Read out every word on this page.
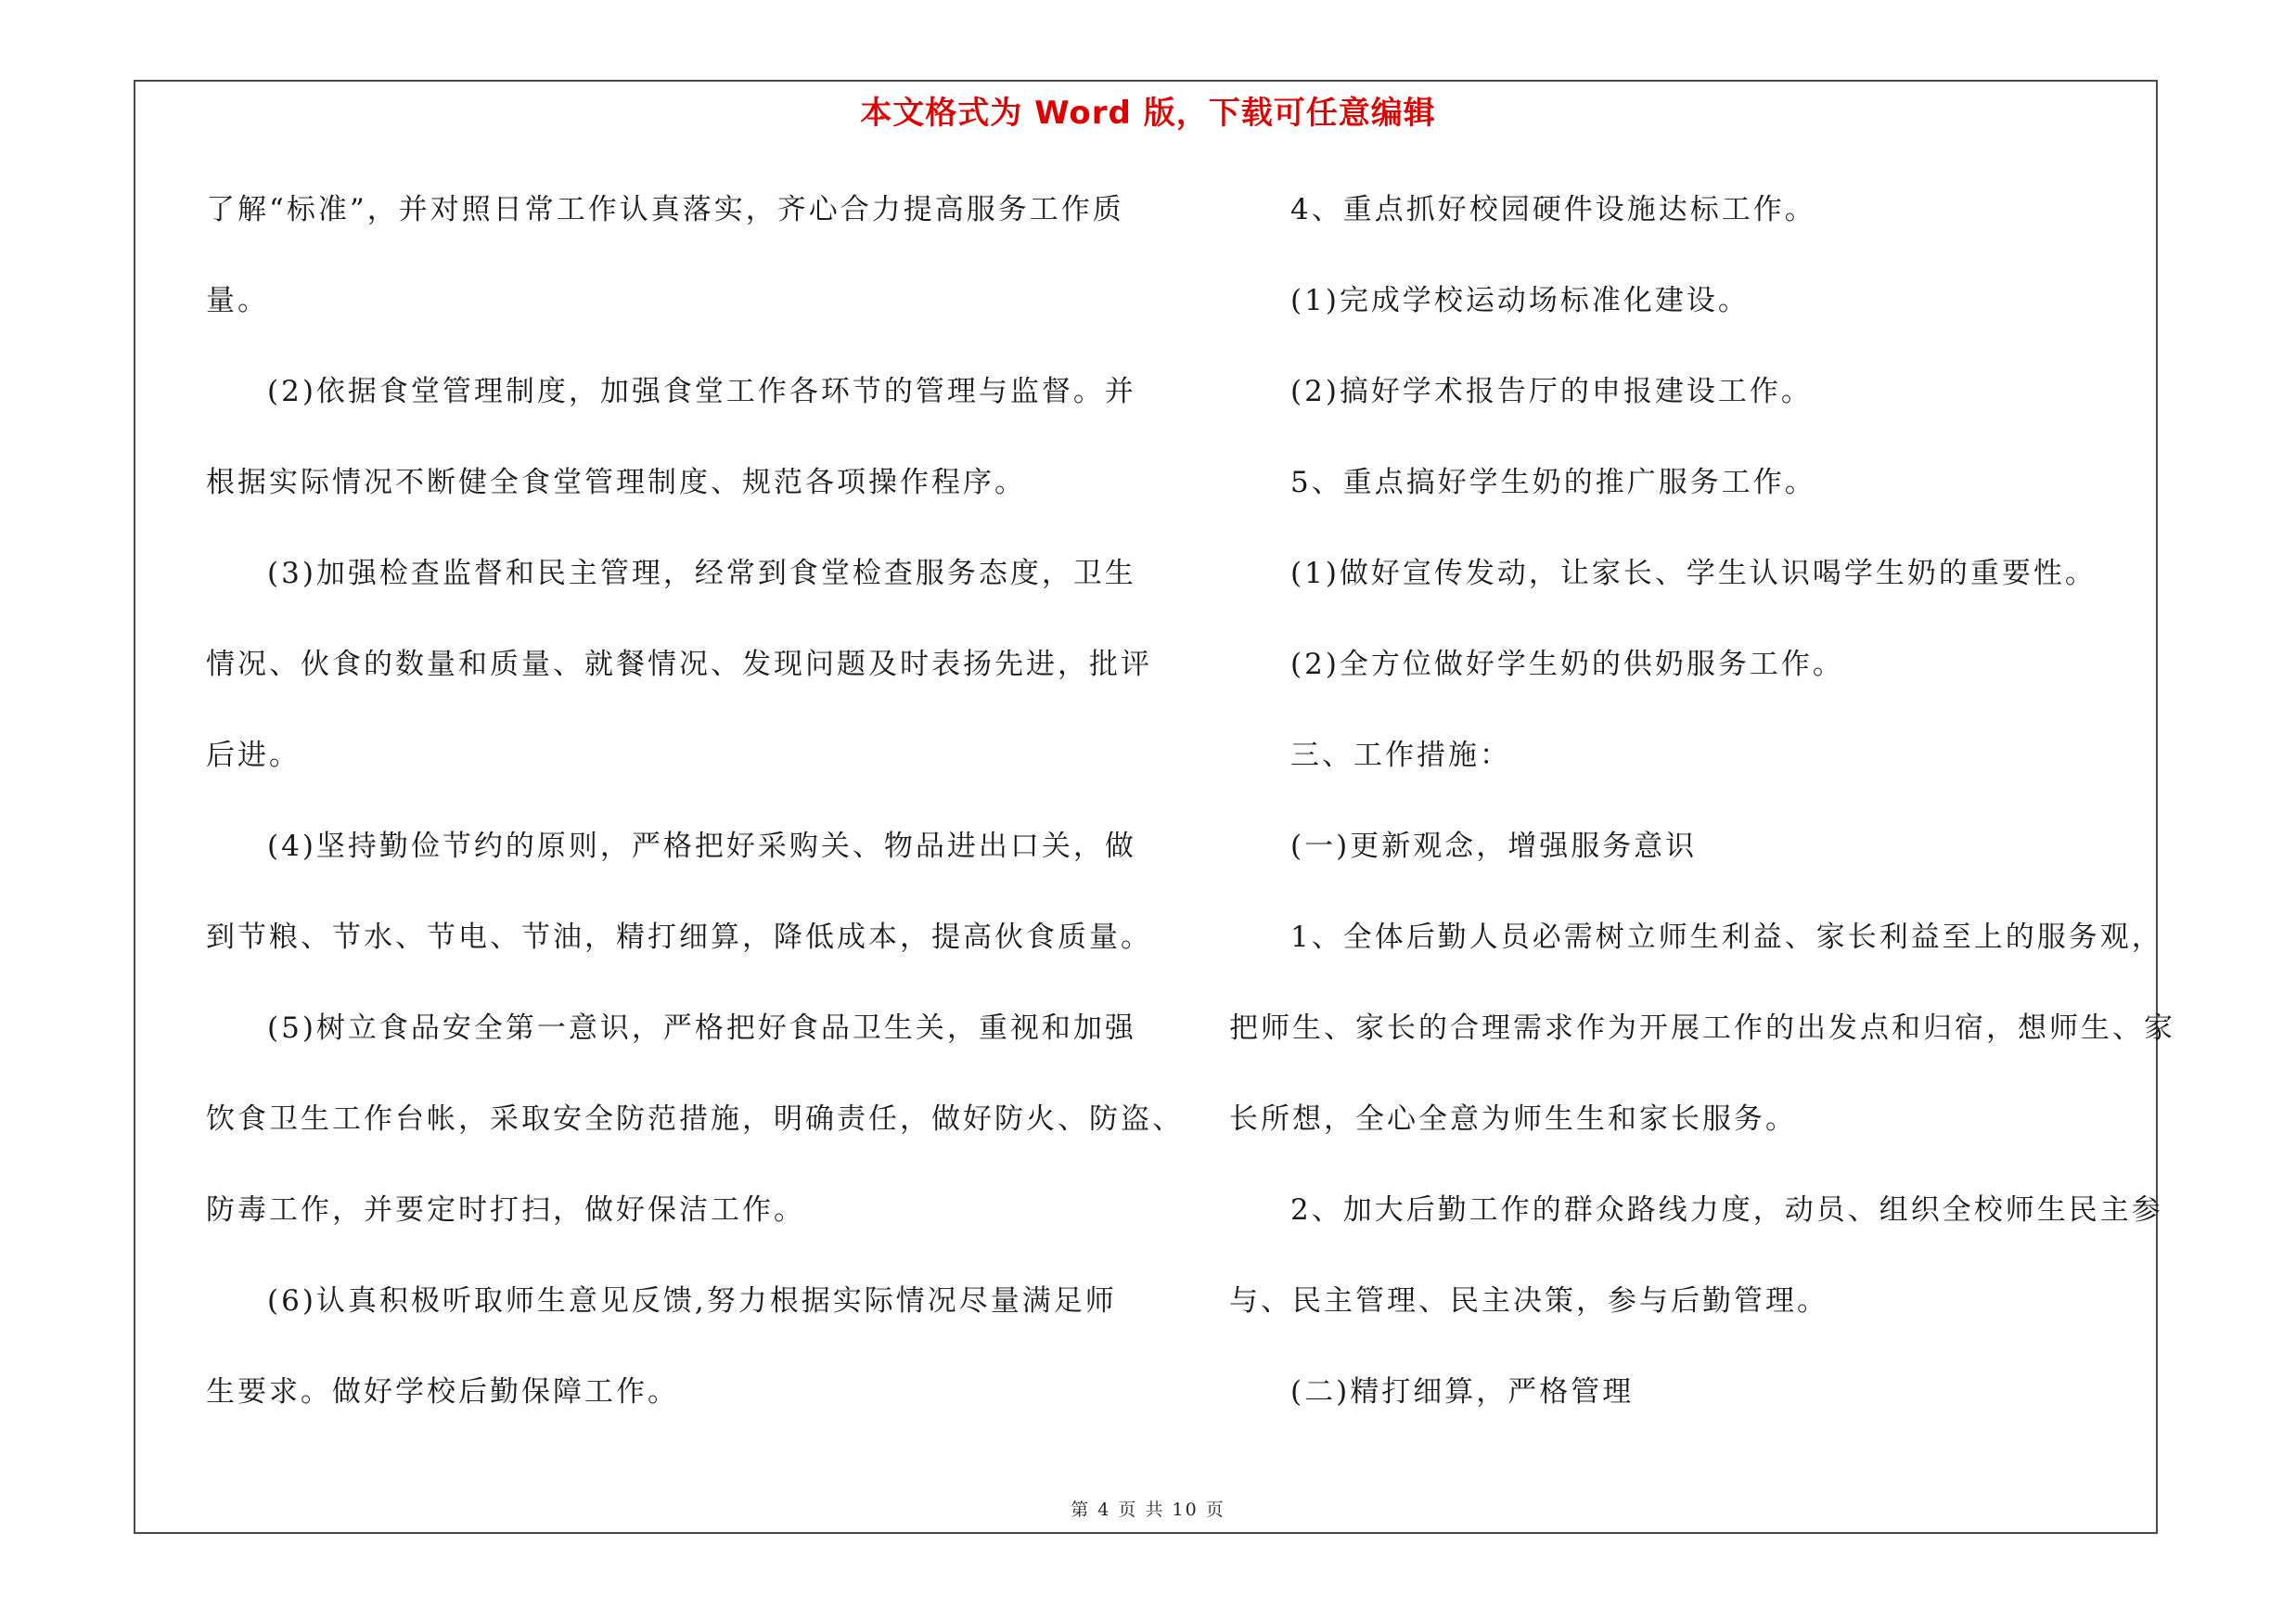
本文格式为 Word 版，下载可任意编辑
了解“标准”，并对照日常工作认真落实，齐心合力提高服务工作质
量。
(2)依据食堂管理制度，加强食堂工作各环节的管理与监督。并
根据实际情况不断健全食堂管理制度、规范各项操作程序。
(3)加强检查监督和民主管理，经常到食堂检查服务态度，卫生
情况、伙食的数量和质量、就餐情况、发现问题及时表扬先进，批评
后进。
(4)坚持勤俭节约的原则，严格把好采购关、物品进出口关，做
到节粮、节水、节电、节油，精打细算，降低成本，提高伙食质量。
(5)树立食品安全第一意识，严格把好食品卫生关，重视和加强
饮食卫生工作台帐，采取安全防范措施，明确责任，做好防火、防盗、
防毒工作，并要定时打扫，做好保洁工作。
(6)认真积极听取师生意见反馈,努力根据实际情况尽量满足师
生要求。做好学校后勤保障工作。
4、重点抓好校园硬件设施达标工作。
(1)完成学校运动场标准化建设。
(2)搞好学术报告厅的申报建设工作。
5、重点搞好学生奶的推广服务工作。
(1)做好宣传发动，让家长、学生认识喝学生奶的重要性。
(2)全方位做好学生奶的供奶服务工作。
三、工作措施：
(一)更新观念，增强服务意识
1、全体后勤人员必需树立师生利益、家长利益至上的服务观，
把师生、家长的合理需求作为开展工作的出发点和归宿，想师生、家
长所想，全心全意为师生生和家长服务。
2、加大后勤工作的群众路线力度，动员、组织全校师生民主参
与、民主管理、民主决策，参与后勤管理。
(二)精打细算，严格管理
第 4 页 共 10 页
